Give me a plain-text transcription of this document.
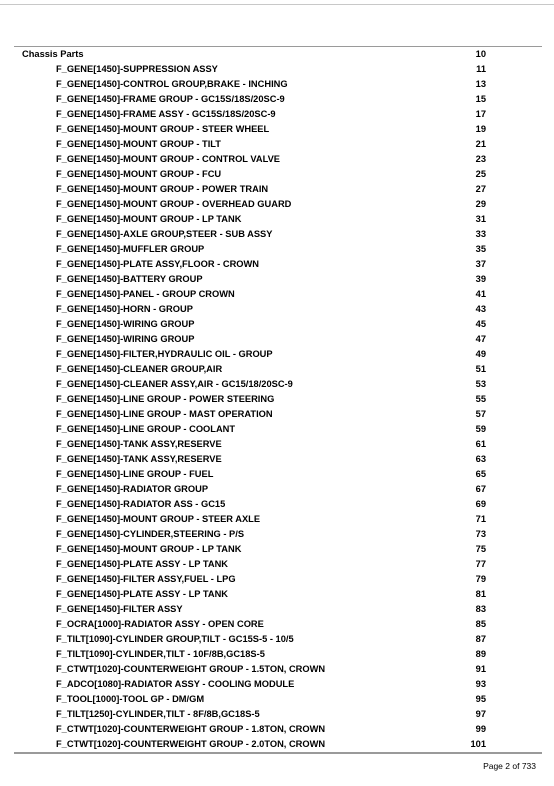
Chassis Parts	10
F_GENE[1450]-SUPPRESSION ASSY	11
F_GENE[1450]-CONTROL GROUP,BRAKE - INCHING	13
F_GENE[1450]-FRAME GROUP - GC15S/18S/20SC-9	15
F_GENE[1450]-FRAME ASSY - GC15S/18S/20SC-9	17
F_GENE[1450]-MOUNT GROUP - STEER WHEEL	19
F_GENE[1450]-MOUNT GROUP - TILT	21
F_GENE[1450]-MOUNT GROUP - CONTROL VALVE	23
F_GENE[1450]-MOUNT GROUP - FCU	25
F_GENE[1450]-MOUNT GROUP - POWER TRAIN	27
F_GENE[1450]-MOUNT GROUP - OVERHEAD GUARD	29
F_GENE[1450]-MOUNT GROUP - LP TANK	31
F_GENE[1450]-AXLE GROUP,STEER - SUB ASSY	33
F_GENE[1450]-MUFFLER GROUP	35
F_GENE[1450]-PLATE ASSY,FLOOR - CROWN	37
F_GENE[1450]-BATTERY GROUP	39
F_GENE[1450]-PANEL - GROUP CROWN	41
F_GENE[1450]-HORN - GROUP	43
F_GENE[1450]-WIRING GROUP	45
F_GENE[1450]-WIRING GROUP	47
F_GENE[1450]-FILTER,HYDRAULIC OIL - GROUP	49
F_GENE[1450]-CLEANER GROUP,AIR	51
F_GENE[1450]-CLEANER ASSY,AIR - GC15/18/20SC-9	53
F_GENE[1450]-LINE GROUP - POWER STEERING	55
F_GENE[1450]-LINE GROUP - MAST OPERATION	57
F_GENE[1450]-LINE GROUP - COOLANT	59
F_GENE[1450]-TANK ASSY,RESERVE	61
F_GENE[1450]-TANK ASSY,RESERVE	63
F_GENE[1450]-LINE GROUP - FUEL	65
F_GENE[1450]-RADIATOR GROUP	67
F_GENE[1450]-RADIATOR ASS - GC15	69
F_GENE[1450]-MOUNT GROUP - STEER AXLE	71
F_GENE[1450]-CYLINDER,STEERING - P/S	73
F_GENE[1450]-MOUNT GROUP - LP TANK	75
F_GENE[1450]-PLATE ASSY - LP TANK	77
F_GENE[1450]-FILTER ASSY,FUEL - LPG	79
F_GENE[1450]-PLATE ASSY - LP TANK	81
F_GENE[1450]-FILTER ASSY	83
F_OCRA[1000]-RADIATOR ASSY - OPEN CORE	85
F_TILT[1090]-CYLINDER GROUP,TILT - GC15S-5 - 10/5	87
F_TILT[1090]-CYLINDER,TILT - 10F/8B,GC18S-5	89
F_CTWT[1020]-COUNTERWEIGHT GROUP - 1.5TON, CROWN	91
F_ADCO[1080]-RADIATOR ASSY - COOLING MODULE	93
F_TOOL[1000]-TOOL GP - DM/GM	95
F_TILT[1250]-CYLINDER,TILT - 8F/8B,GC18S-5	97
F_CTWT[1020]-COUNTERWEIGHT GROUP - 1.8TON, CROWN	99
F_CTWT[1020]-COUNTERWEIGHT GROUP - 2.0TON, CROWN	101
Page 2 of 733
